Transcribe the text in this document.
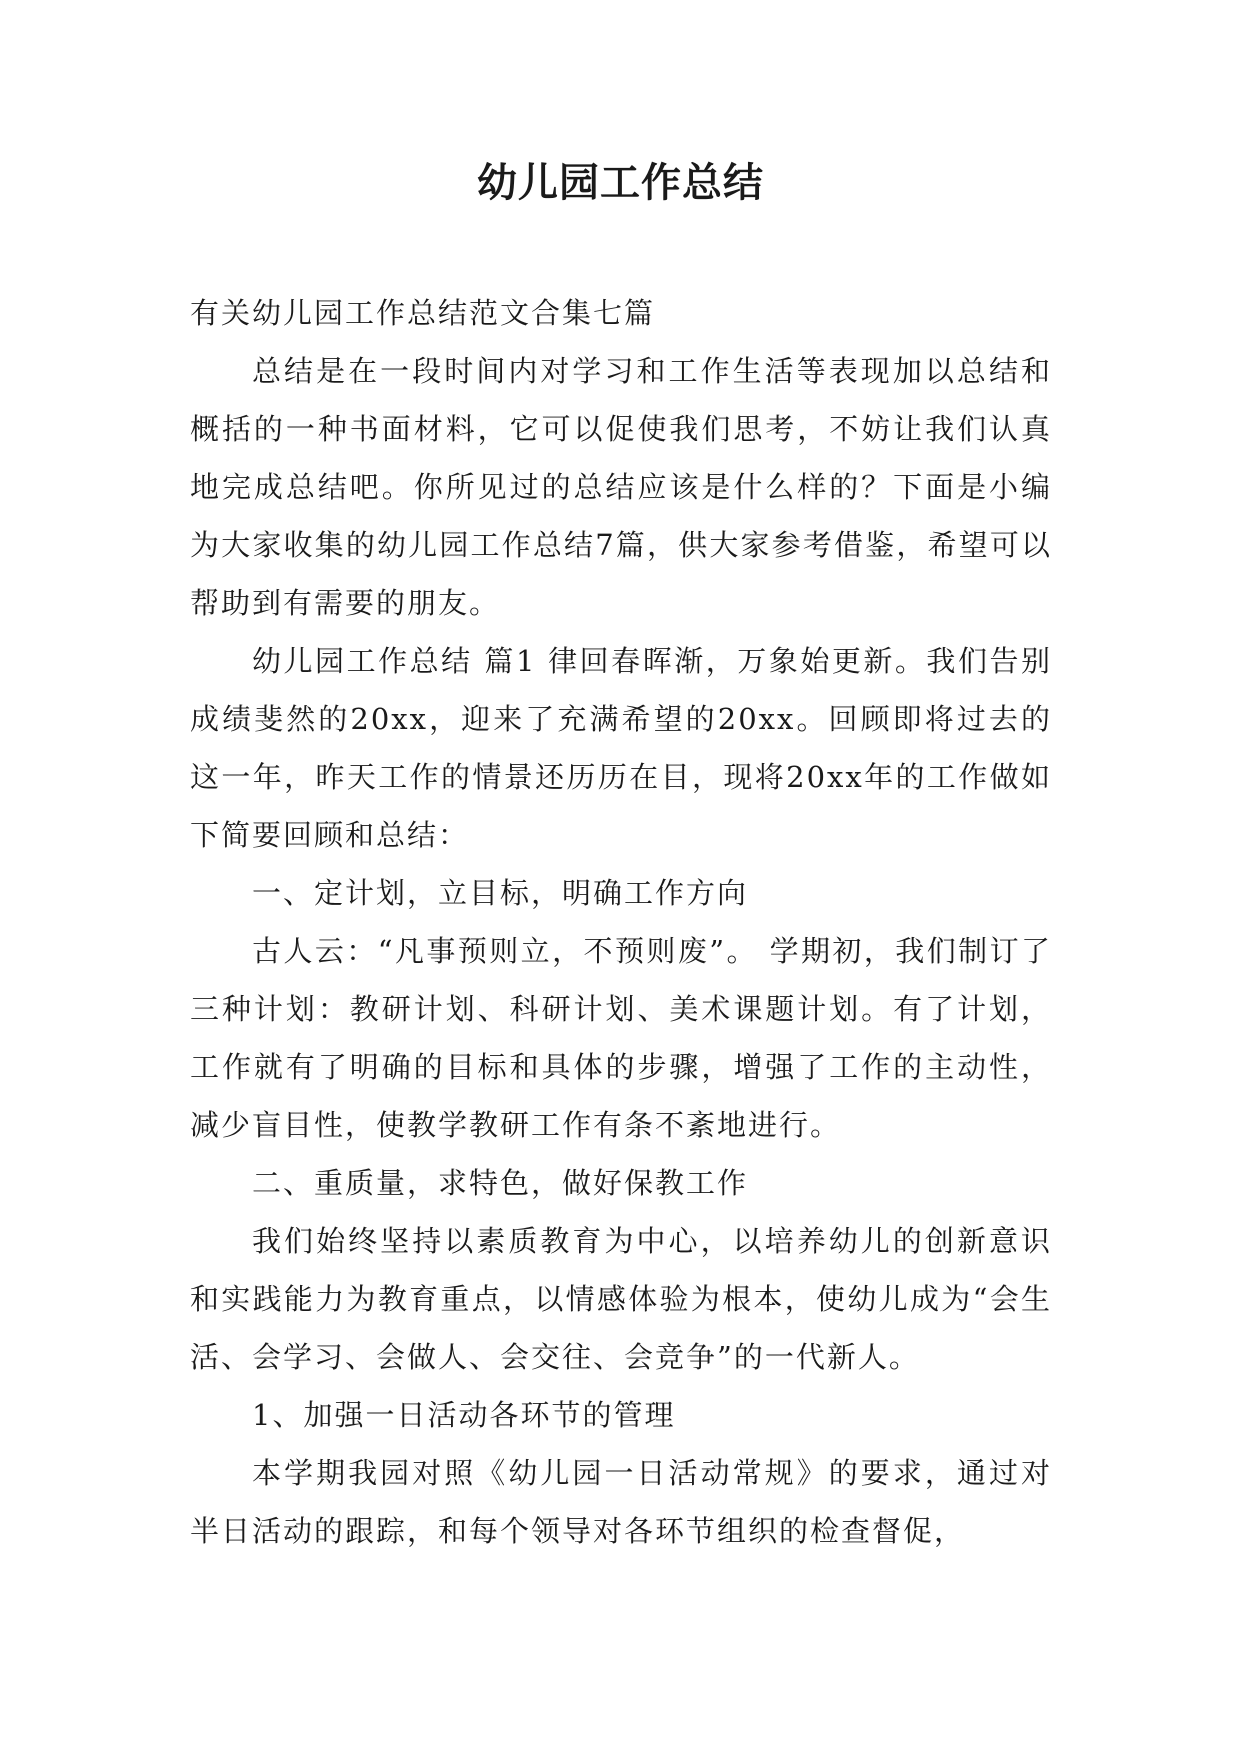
幼儿园工作总结

有关幼儿园工作总结范文合集七篇

总结是在一段时间内对学习和工作生活等表现加以总结和概括的一种书面材料，它可以促使我们思考，不妨让我们认真地完成总结吧。你所见过的总结应该是什么样的？下面是小编为大家收集的幼儿园工作总结7篇，供大家参考借鉴，希望可以帮助到有需要的朋友。

幼儿园工作总结 篇1 律回春晖渐，万象始更新。我们告别成绩斐然的20xx，迎来了充满希望的20xx。回顾即将过去的这一年，昨天工作的情景还历历在目，现将20xx年的工作做如下简要回顾和总结：

一、定计划，立目标，明确工作方向

古人云：“凡事预则立，不预则废”。 学期初，我们制订了三种计划：教研计划、科研计划、美术课题计划。有了计划，工作就有了明确的目标和具体的步骤，增强了工作的主动性，减少盲目性，使教学教研工作有条不紊地进行。

二、重质量，求特色，做好保教工作

我们始终坚持以素质教育为中心，以培养幼儿的创新意识和实践能力为教育重点，以情感体验为根本，使幼儿成为“会生活、会学习、会做人、会交往、会竞争”的一代新人。

1、加强一日活动各环节的管理

本学期我园对照《幼儿园一日活动常规》的要求，通过对半日活动的跟踪，和每个领导对各环节组织的检查督促，
